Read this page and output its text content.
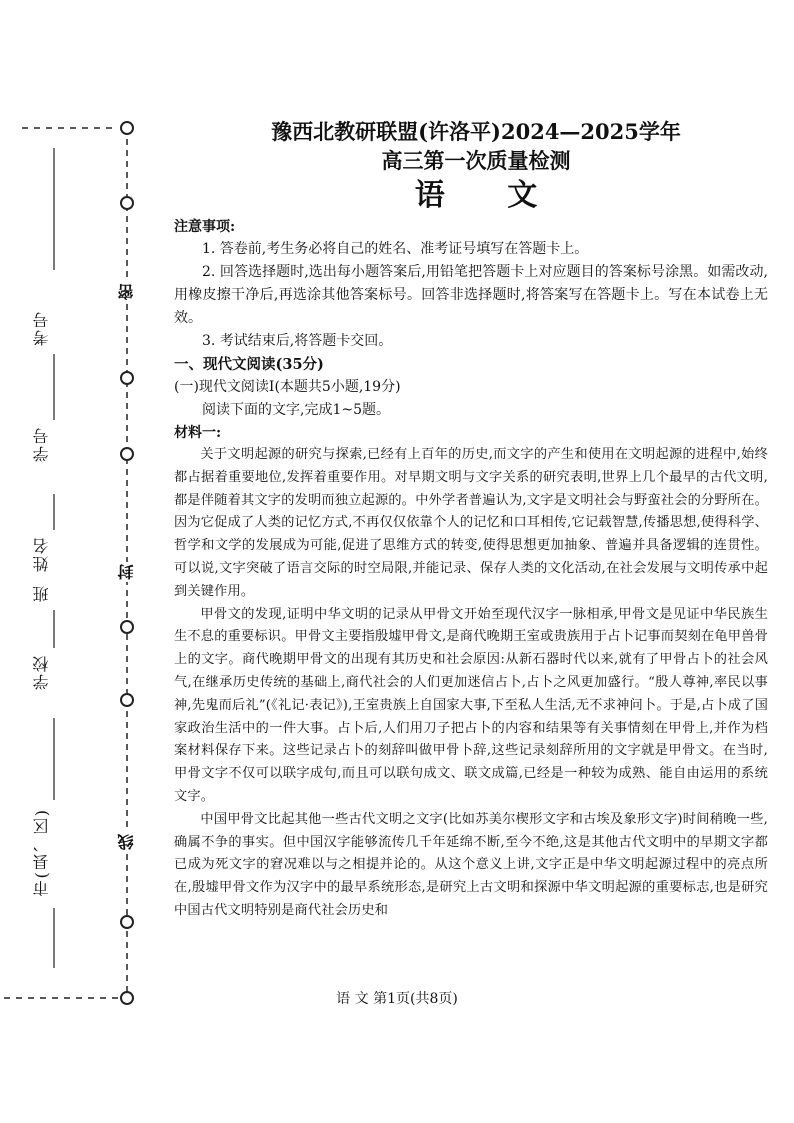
市(县、区)
学校
班
姓名
学号
考号
密
封
线

豫西北教研联盟(许洛平)2024—2025学年

高三第一次质量检测

语 文

注意事项:

1. 答卷前,考生务必将自己的姓名、准考证号填写在答题卡上。

2. 回答选择题时,选出每小题答案后,用铅笔把答题卡上对应题目的答案标号涂黑。如需改动,用橡皮擦干净后,再选涂其他答案标号。回答非选择题时,将答案写在答题卡上。写在本试卷上无效。

3. 考试结束后,将答题卡交回。

一、现代文阅读(35分)

(一)现代文阅读Ⅰ(本题共5小题,19分)

阅读下面的文字,完成1~5题。

材料一:

关于文明起源的研究与探索,已经有上百年的历史,而文字的产生和使用在文明起源的进程中,始终都占据着重要地位,发挥着重要作用。对早期文明与文字关系的研究表明,世界上几个最早的古代文明,都是伴随着其文字的发明而独立起源的。中外学者普遍认为,文字是文明社会与野蛮社会的分野所在。因为它促成了人类的记忆方式,不再仅仅依靠个人的记忆和口耳相传,它记载智慧,传播思想,使得科学、哲学和文学的发展成为可能,促进了思维方式的转变,使得思想更加抽象、普遍并具备逻辑的连贯性。可以说,文字突破了语言交际的时空局限,并能记录、保存人类的文化活动,在社会发展与文明传承中起到关键作用。

甲骨文的发现,证明中华文明的记录从甲骨文开始至现代汉字一脉相承,甲骨文是见证中华民族生生不息的重要标识。甲骨文主要指殷墟甲骨文,是商代晚期王室或贵族用于占卜记事而契刻在龟甲兽骨上的文字。商代晚期甲骨文的出现有其历史和社会原因:从新石器时代以来,就有了甲骨占卜的社会风气,在继承历史传统的基础上,商代社会的人们更加迷信占卜,占卜之风更加盛行。“殷人尊神,率民以事神,先鬼而后礼”(《礼记·表记》),王室贵族上自国家大事,下至私人生活,无不求神问卜。于是,占卜成了国家政治生活中的一件大事。占卜后,人们用刀子把占卜的内容和结果等有关事情刻在甲骨上,并作为档案材料保存下来。这些记录占卜的刻辞叫做甲骨卜辞,这些记录刻辞所用的文字就是甲骨文。在当时,甲骨文字不仅可以联字成句,而且可以联句成文、联文成篇,已经是一种较为成熟、能自由运用的系统文字。

中国甲骨文比起其他一些古代文明之文字(比如苏美尔楔形文字和古埃及象形文字)时间稍晚一些,确属不争的事实。但中国汉字能够流传几千年延绵不断,至今不绝,这是其他古代文明中的早期文字都已成为死文字的窘况难以与之相提并论的。从这个意义上讲,文字正是中华文明起源过程中的亮点所在,殷墟甲骨文作为汉字中的最早系统形态,是研究上古文明和探源中华文明起源的重要标志,也是研究中国古代文明特别是商代社会历史和

语 文 第1页(共8页)
